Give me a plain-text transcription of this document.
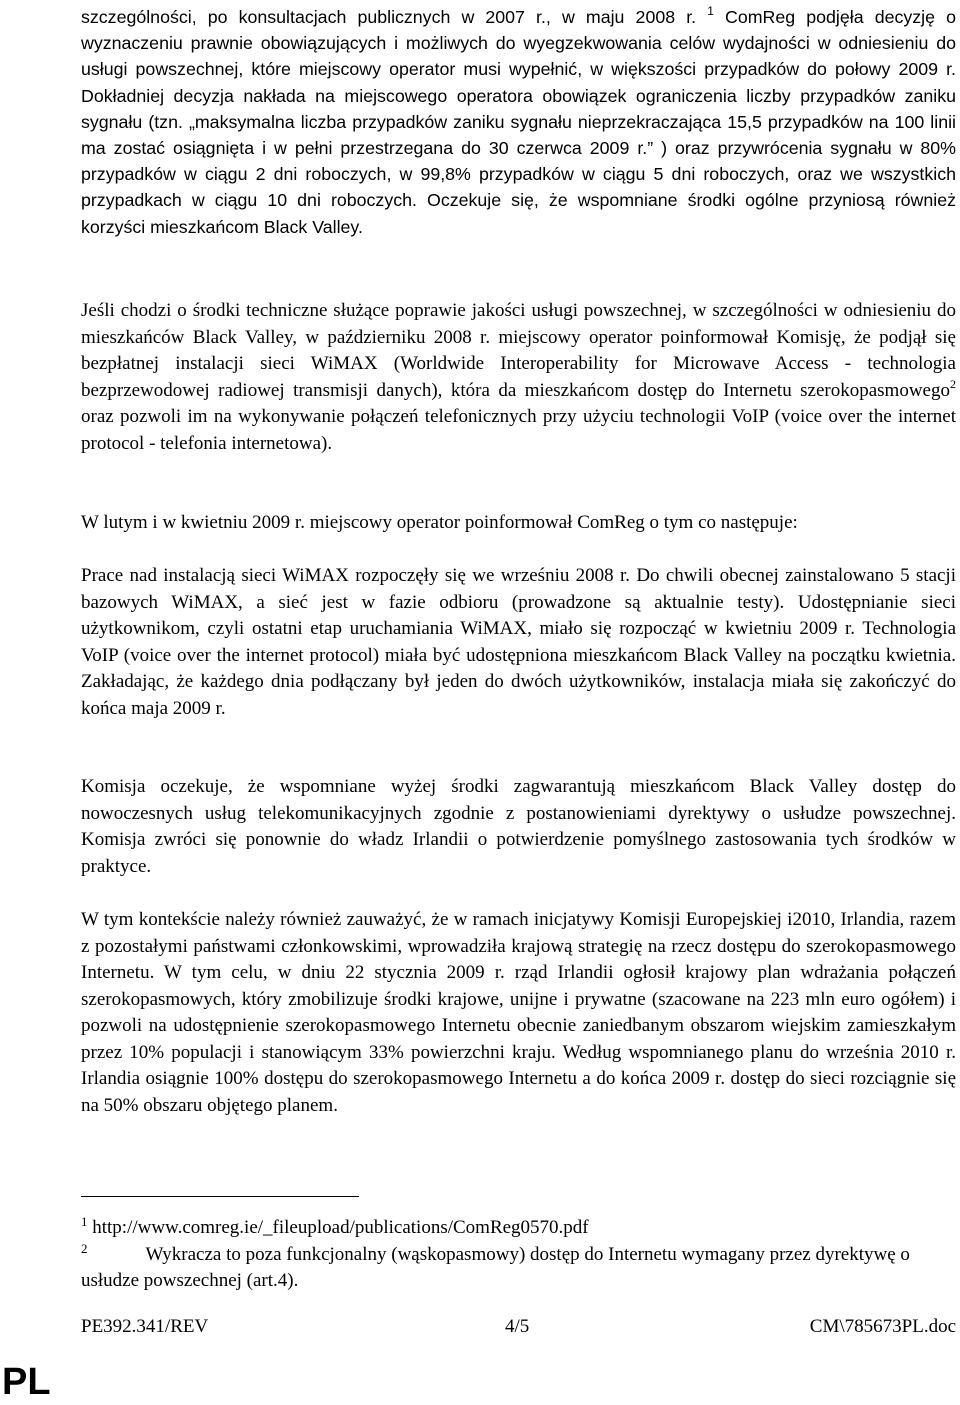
szczególności, po konsultacjach publicznych w 2007 r., w maju 2008 r. $^1$ ComReg podjęła decyzję o wyznaczeniu prawnie obowiązujących i możliwych do wyegzekwowania celów wydajności w odniesieniu do usługi powszechnej, które miejscowy operator musi wypełnić, w większości przypadków do połowy 2009 r. Dokładniej decyzja nakłada na miejscowego operatora obowiązek ograniczenia liczby przypadków zaniku sygnału (tzn. „maksymalna liczba przypadków zaniku sygnału nieprzekraczająca 15,5 przypadków na 100 linii ma zostać osiągnięta i w pełni przestrzegana do 30 czerwca 2009 r.” ) oraz przywrócenia sygnału w 80% przypadków w ciągu 2 dni roboczych, w 99,8% przypadków w ciągu 5 dni roboczych, oraz we wszystkich przypadkach w ciągu 10 dni roboczych. Oczekuje się, że wspomniane środki ogólne przyniosą również korzyści mieszkańcom Black Valley.

Jeśli chodzi o środki techniczne służące poprawie jakości usługi powszechnej, w szczególności w odniesieniu do mieszkańców Black Valley, w październiku 2008 r. miejscowy operator poinformował Komisję, że podjął się bezpłatnej instalacji sieci WiMAX (Worldwide Interoperability for Microwave Access - technologia bezprzewodowej radiowej transmisji danych), która da mieszkańcom dostęp do Internetu szerokopasmowego$^2$ oraz pozwoli im na wykonywanie połączeń telefonicznych przy użyciu technologii VoIP (voice over the internet protocol - telefonia internetowa).

W lutym i w kwietniu 2009 r. miejscowy operator poinformował ComReg o tym co następuje:

Prace nad instalacją sieci WiMAX rozpoczęły się we wrześniu 2008 r. Do chwili obecnej zainstalowano 5 stacji bazowych WiMAX, a sieć jest w fazie odbioru (prowadzone są aktualnie testy). Udostępnianie sieci użytkownikom, czyli ostatni etap uruchamiania WiMAX, miało się rozpocząć w kwietniu 2009 r. Technologia VoIP (voice over the internet protocol) miała być udostępniona mieszkańcom Black Valley na początku kwietnia. Zakładając, że każdego dnia podłączany był jeden do dwóch użytkowników, instalacja miała się zakończyć do końca maja 2009 r.

Komisja oczekuje, że wspomniane wyżej środki zagwarantują mieszkańcom Black Valley dostęp do nowoczesnych usług telekomunikacyjnych zgodnie z postanowieniami dyrektywy o usłudze powszechnej. Komisja zwróci się ponownie do władz Irlandii o potwierdzenie pomyślnego zastosowania tych środków w praktyce.

W tym kontekście należy również zauważyć, że w ramach inicjatywy Komisji Europejskiej i2010, Irlandia, razem z pozostałymi państwami członkowskimi, wprowadziła krajową strategię na rzecz dostępu do szerokopasmowego Internetu. W tym celu, w dniu 22 stycznia 2009 r. rząd Irlandii ogłosił krajowy plan wdrażania połączeń szerokopasmowych, który zmobilizuje środki krajowe, unijne i prywatne (szacowane na 223 mln euro ogółem) i pozwoli na udostępnienie szerokopasmowego Internetu obecnie zaniedbanym obszarom wiejskim zamieszkałym przez 10% populacji i stanowiącym 33% powierzchni kraju. Według wspomnianego planu do września 2010 r. Irlandia osiągnie 100% dostępu do szerokopasmowego Internetu a do końca 2009 r. dostęp do sieci rozciągnie się na 50% obszaru objętego planem.

$^1$ http://www.comreg.ie/_fileupload/publications/ComReg0570.pdf
$^2$	Wykracza to poza funkcjonalny (wąskopasmowy) dostęp do Internetu wymagany przez dyrektywę o usłudze powszechnej (art.4).
PE392.341/REV	4/5	CM\785673PL.doc
PL
